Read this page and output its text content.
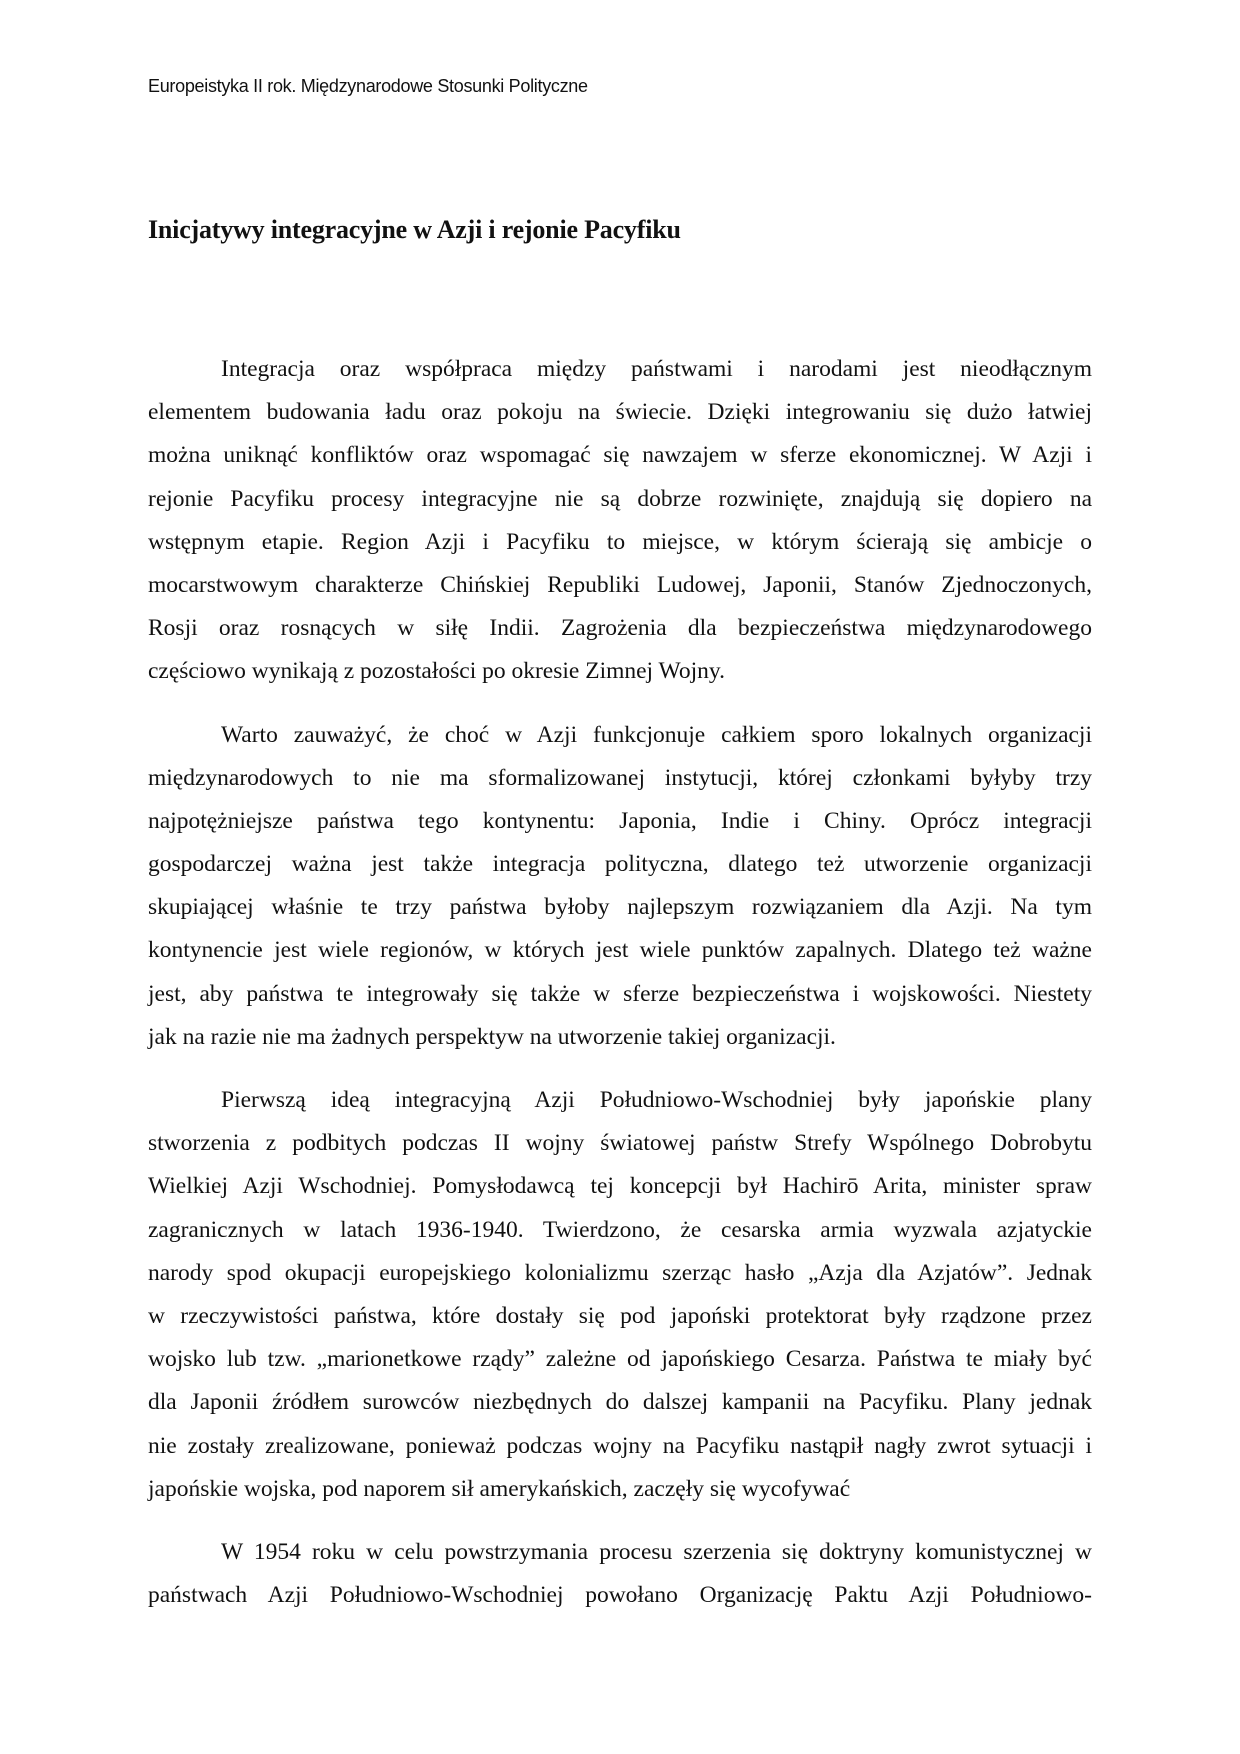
Europeistyka II rok. Międzynarodowe Stosunki Polityczne
Inicjatywy integracyjne w Azji i rejonie Pacyfiku
Integracja oraz współpraca między państwami i narodami jest nieodłącznym
elementem budowania ładu oraz pokoju na świecie. Dzięki integrowaniu się dużo łatwiej
można uniknąć konfliktów oraz wspomagać się nawzajem w sferze ekonomicznej. W Azji i
rejonie Pacyfiku procesy integracyjne nie są dobrze rozwinięte, znajdują się dopiero na
wstępnym etapie. Region Azji i Pacyfiku to miejsce, w którym ścierają się ambicje o
mocarstwowym charakterze Chińskiej Republiki Ludowej, Japonii, Stanów Zjednoczonych,
Rosji oraz rosnących w siłę Indii. Zagrożenia dla bezpieczeństwa międzynarodowego
częściowo wynikają z pozostałości po okresie Zimnej Wojny.
Warto zauważyć, że choć w Azji funkcjonuje całkiem sporo lokalnych organizacji
międzynarodowych to nie ma sformalizowanej instytucji, której członkami byłyby trzy
najpotężniejsze państwa tego kontynentu: Japonia, Indie i Chiny. Oprócz integracji
gospodarczej ważna jest także integracja polityczna, dlatego też utworzenie organizacji
skupiającej właśnie te trzy państwa byłoby najlepszym rozwiązaniem dla Azji. Na tym
kontynencie jest wiele regionów, w których jest wiele punktów zapalnych. Dlatego też ważne
jest, aby państwa te integrowały się także w sferze bezpieczeństwa i wojskowości. Niestety
jak na razie nie ma żadnych perspektyw na utworzenie takiej organizacji.
Pierwszą ideą integracyjną Azji Południowo-Wschodniej były japońskie plany
stworzenia z podbitych podczas II wojny światowej państw Strefy Wspólnego Dobrobytu
Wielkiej Azji Wschodniej. Pomysłodawcą tej koncepcji był Hachirō Arita, minister spraw
zagranicznych w latach 1936-1940. Twierdzono, że cesarska armia wyzwala azjatyckie
narody spod okupacji europejskiego kolonializmu szerząc hasło „Azja dla Azjatów”. Jednak
w rzeczywistości państwa, które dostały się pod japoński protektorat były rządzone przez
wojsko lub tzw. „marionetkowe rządy” zależne od japońskiego Cesarza. Państwa te miały być
dla Japonii źródłem surowców niezbędnych do dalszej kampanii na Pacyfiku. Plany jednak
nie zostały zrealizowane, ponieważ podczas wojny na Pacyfiku nastąpił nagły zwrot sytuacji i
japońskie wojska, pod naporem sił amerykańskich, zaczęły się wycofywać
W 1954 roku w celu powstrzymania procesu szerzenia się doktryny komunistycznej w
państwach Azji Południowo-Wschodniej powołano Organizację Paktu Azji Południowo-
